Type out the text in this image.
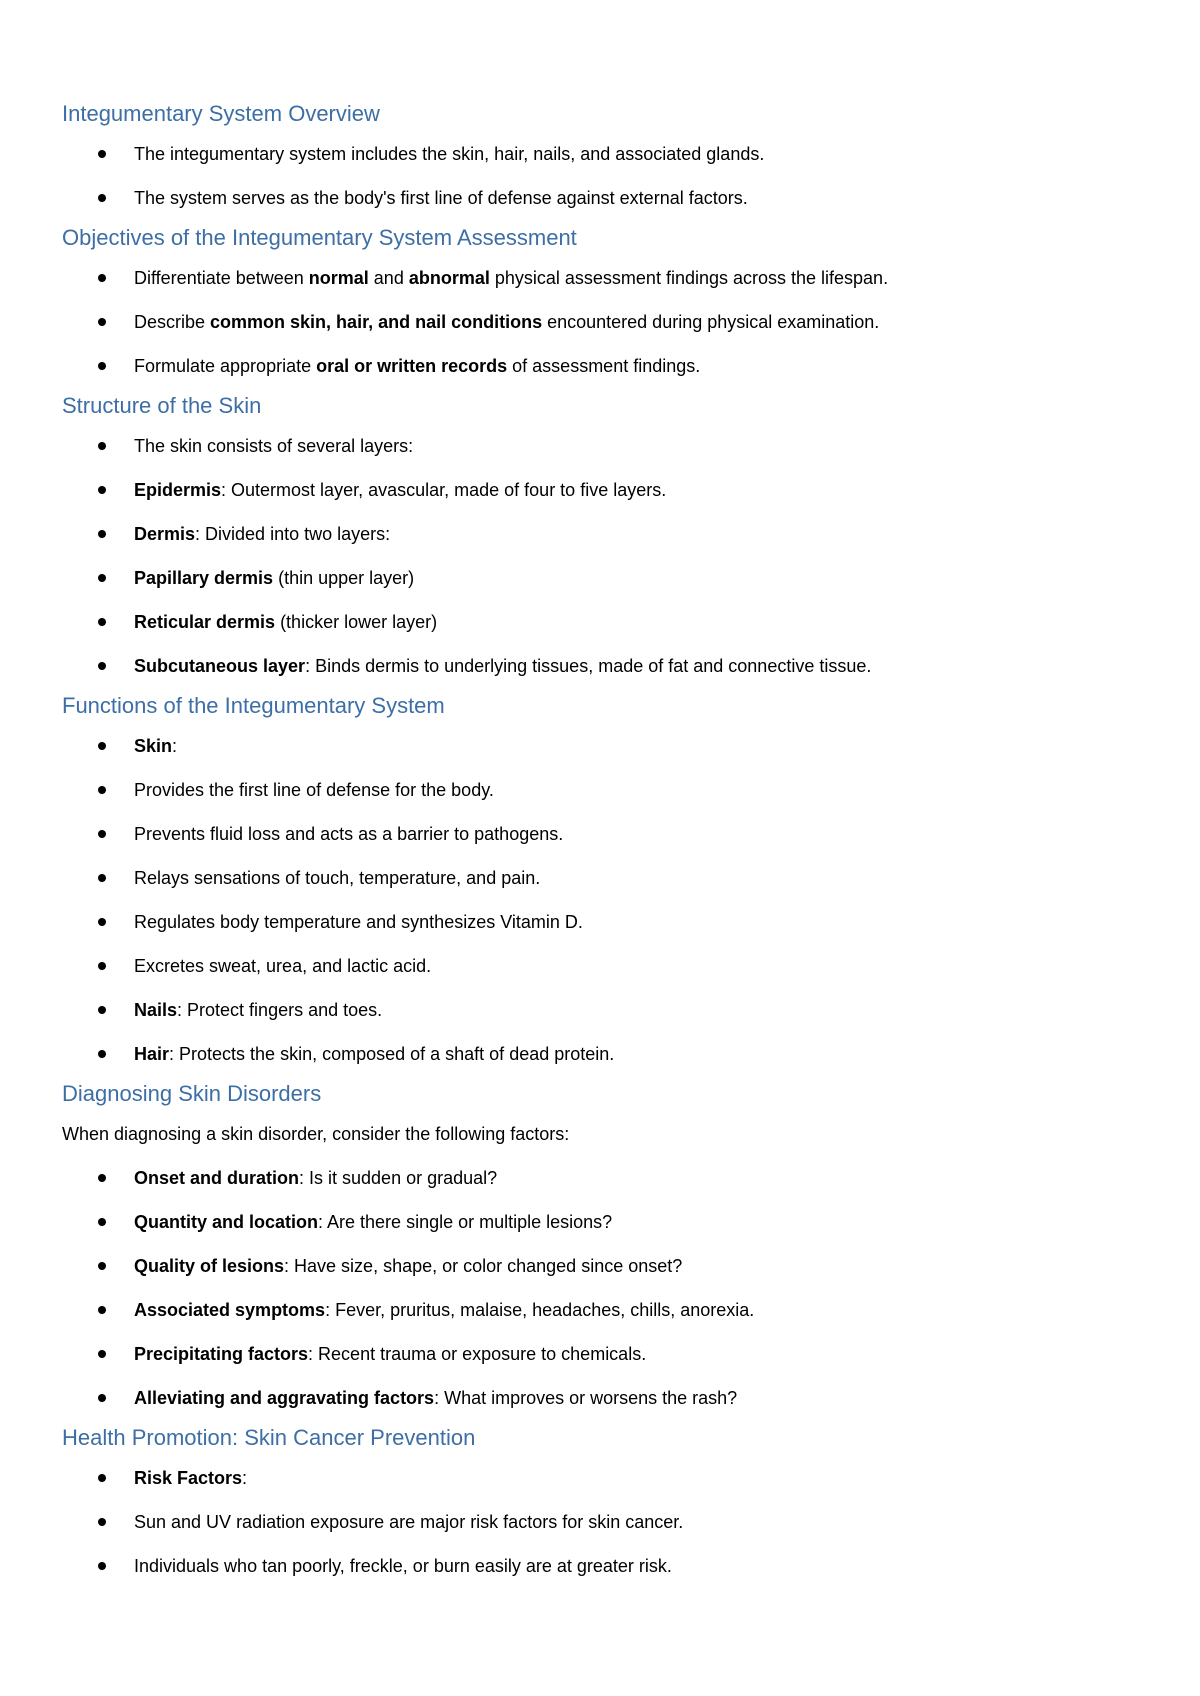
Integumentary System Overview
The integumentary system includes the skin, hair, nails, and associated glands.
The system serves as the body's first line of defense against external factors.
Objectives of the Integumentary System Assessment
Differentiate between normal and abnormal physical assessment findings across the lifespan.
Describe common skin, hair, and nail conditions encountered during physical examination.
Formulate appropriate oral or written records of assessment findings.
Structure of the Skin
The skin consists of several layers:
Epidermis: Outermost layer, avascular, made of four to five layers.
Dermis: Divided into two layers:
Papillary dermis (thin upper layer)
Reticular dermis (thicker lower layer)
Subcutaneous layer: Binds dermis to underlying tissues, made of fat and connective tissue.
Functions of the Integumentary System
Skin:
Provides the first line of defense for the body.
Prevents fluid loss and acts as a barrier to pathogens.
Relays sensations of touch, temperature, and pain.
Regulates body temperature and synthesizes Vitamin D.
Excretes sweat, urea, and lactic acid.
Nails: Protect fingers and toes.
Hair: Protects the skin, composed of a shaft of dead protein.
Diagnosing Skin Disorders

When diagnosing a skin disorder, consider the following factors:

Onset and duration: Is it sudden or gradual?
Quantity and location: Are there single or multiple lesions?
Quality of lesions: Have size, shape, or color changed since onset?
Associated symptoms: Fever, pruritus, malaise, headaches, chills, anorexia.
Precipitating factors: Recent trauma or exposure to chemicals.
Alleviating and aggravating factors: What improves or worsens the rash?
Health Promotion: Skin Cancer Prevention
Risk Factors:
Sun and UV radiation exposure are major risk factors for skin cancer.
Individuals who tan poorly, freckle, or burn easily are at greater risk.
